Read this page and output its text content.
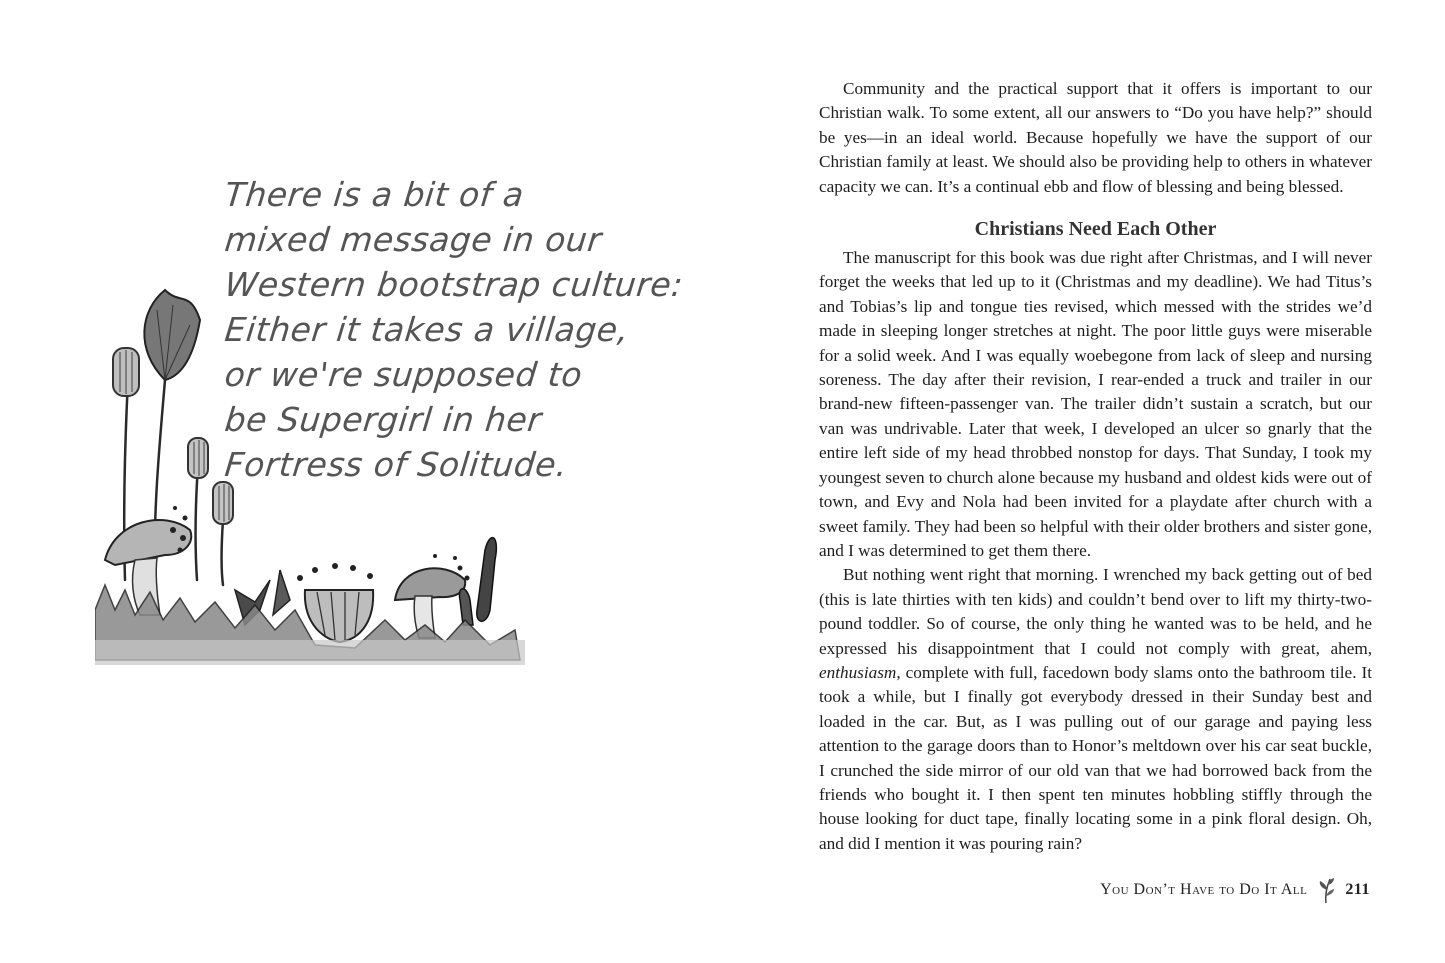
There is a bit of a
mixed message in our
Western bootstrap culture:
Either it takes a village,
or we're supposed to
be Supergirl in her
Fortress of Solitude.

Community and the practical support that it offers is important to our Christian walk. To some extent, all our answers to “Do you have help?” should be yes—in an ideal world. Because hopefully we have the support of our Christian family at least. We should also be providing help to others in whatever capacity we can. It’s a continual ebb and flow of blessing and being blessed.

Christians Need Each Other

The manuscript for this book was due right after Christmas, and I will never forget the weeks that led up to it (Christmas and my deadline). We had Titus’s and Tobias’s lip and tongue ties revised, which messed with the strides we’d made in sleeping longer stretches at night. The poor little guys were miserable for a solid week. And I was equally woebegone from lack of sleep and nursing soreness. The day after their revision, I rear-ended a truck and trailer in our brand-new fifteen-passenger van. The trailer didn’t sustain a scratch, but our van was undrivable. Later that week, I developed an ulcer so gnarly that the entire left side of my head throbbed nonstop for days. That Sunday, I took my youngest seven to church alone because my husband and oldest kids were out of town, and Evy and Nola had been invited for a playdate after church with a sweet family. They had been so helpful with their older brothers and sister gone, and I was determined to get them there.

But nothing went right that morning. I wrenched my back getting out of bed (this is late thirties with ten kids) and couldn’t bend over to lift my thirty-two-pound toddler. So of course, the only thing he wanted was to be held, and he expressed his disappointment that I could not comply with great, ahem, enthusiasm, complete with full, facedown body slams onto the bathroom tile. It took a while, but I finally got everybody dressed in their Sunday best and loaded in the car. But, as I was pulling out of our garage and paying less attention to the garage doors than to Honor’s meltdown over his car seat buckle, I crunched the side mirror of our old van that we had borrowed back from the friends who bought it. I then spent ten minutes hobbling stiffly through the house looking for duct tape, finally locating some in a pink floral design. Oh, and did I mention it was pouring rain?

You Don’t Have to Do It All 211
